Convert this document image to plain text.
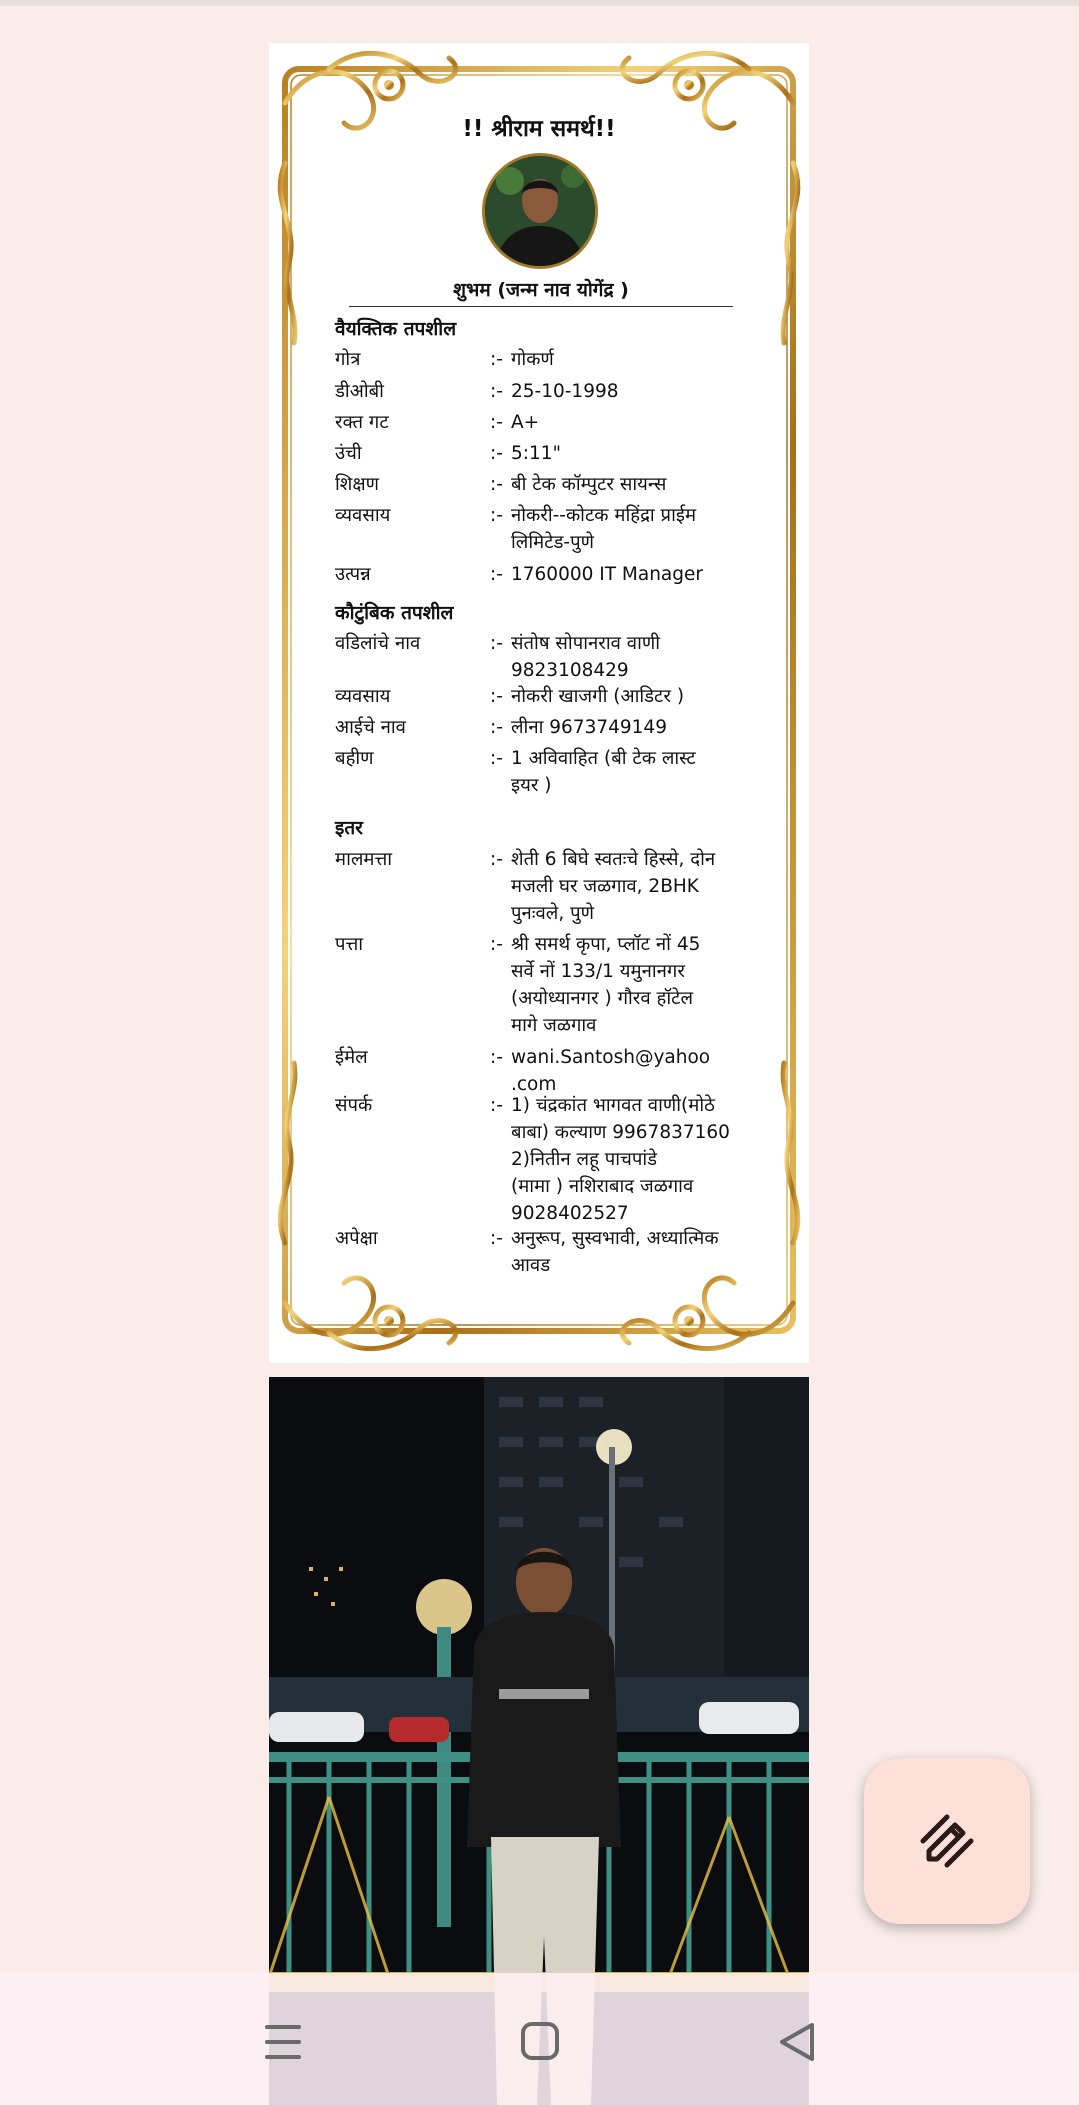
!! श्रीराम समर्थ!!
शुभम (जन्म नाव योगेंद्र )
वैयक्तिक तपशील
गोत्र	:- गोकर्ण
डीओबी	:- 25-10-1998
रक्त गट	:- A+
उंची	:- 5:11"
शिक्षण	:- बी टेक कॉम्पुटर सायन्स
व्यवसाय	:- नोकरी--कोटक महिंद्रा प्राईम
लिमिटेड-पुणे
उत्पन्न	:- 1760000 IT Manager
कौटुंबिक तपशील
वडिलांचे नाव	:- संतोष सोपानराव वाणी
9823108429
व्यवसाय	:- नोकरी खाजगी (आडिटर )
आईचे नाव	:- लीना 9673749149
बहीण	:- 1 अविवाहित (बी टेक लास्ट
इयर )
इतर
मालमत्ता	:- शेती 6 बिघे स्वतःचे हिस्से, दोन
मजली घर जळगाव, 2BHK
पुनःवले, पुणे
पत्ता	:- श्री समर्थ कृपा, प्लॉट नों 45
सर्वे नों 133/1 यमुनानगर
(अयोध्यानगर ) गौरव हॉटेल
मागे जळगाव
ईमेल	:- wani.Santosh@yahoo
.com
संपर्क	:- 1) चंद्रकांत भागवत वाणी(मोठे
बाबा) कल्याण 9967837160
2)नितीन लहू पाचपांडे
(मामा ) नशिराबाद जळगाव
9028402527
अपेक्षा	:- अनुरूप, सुस्वभावी, अध्यात्मिक
आवड
